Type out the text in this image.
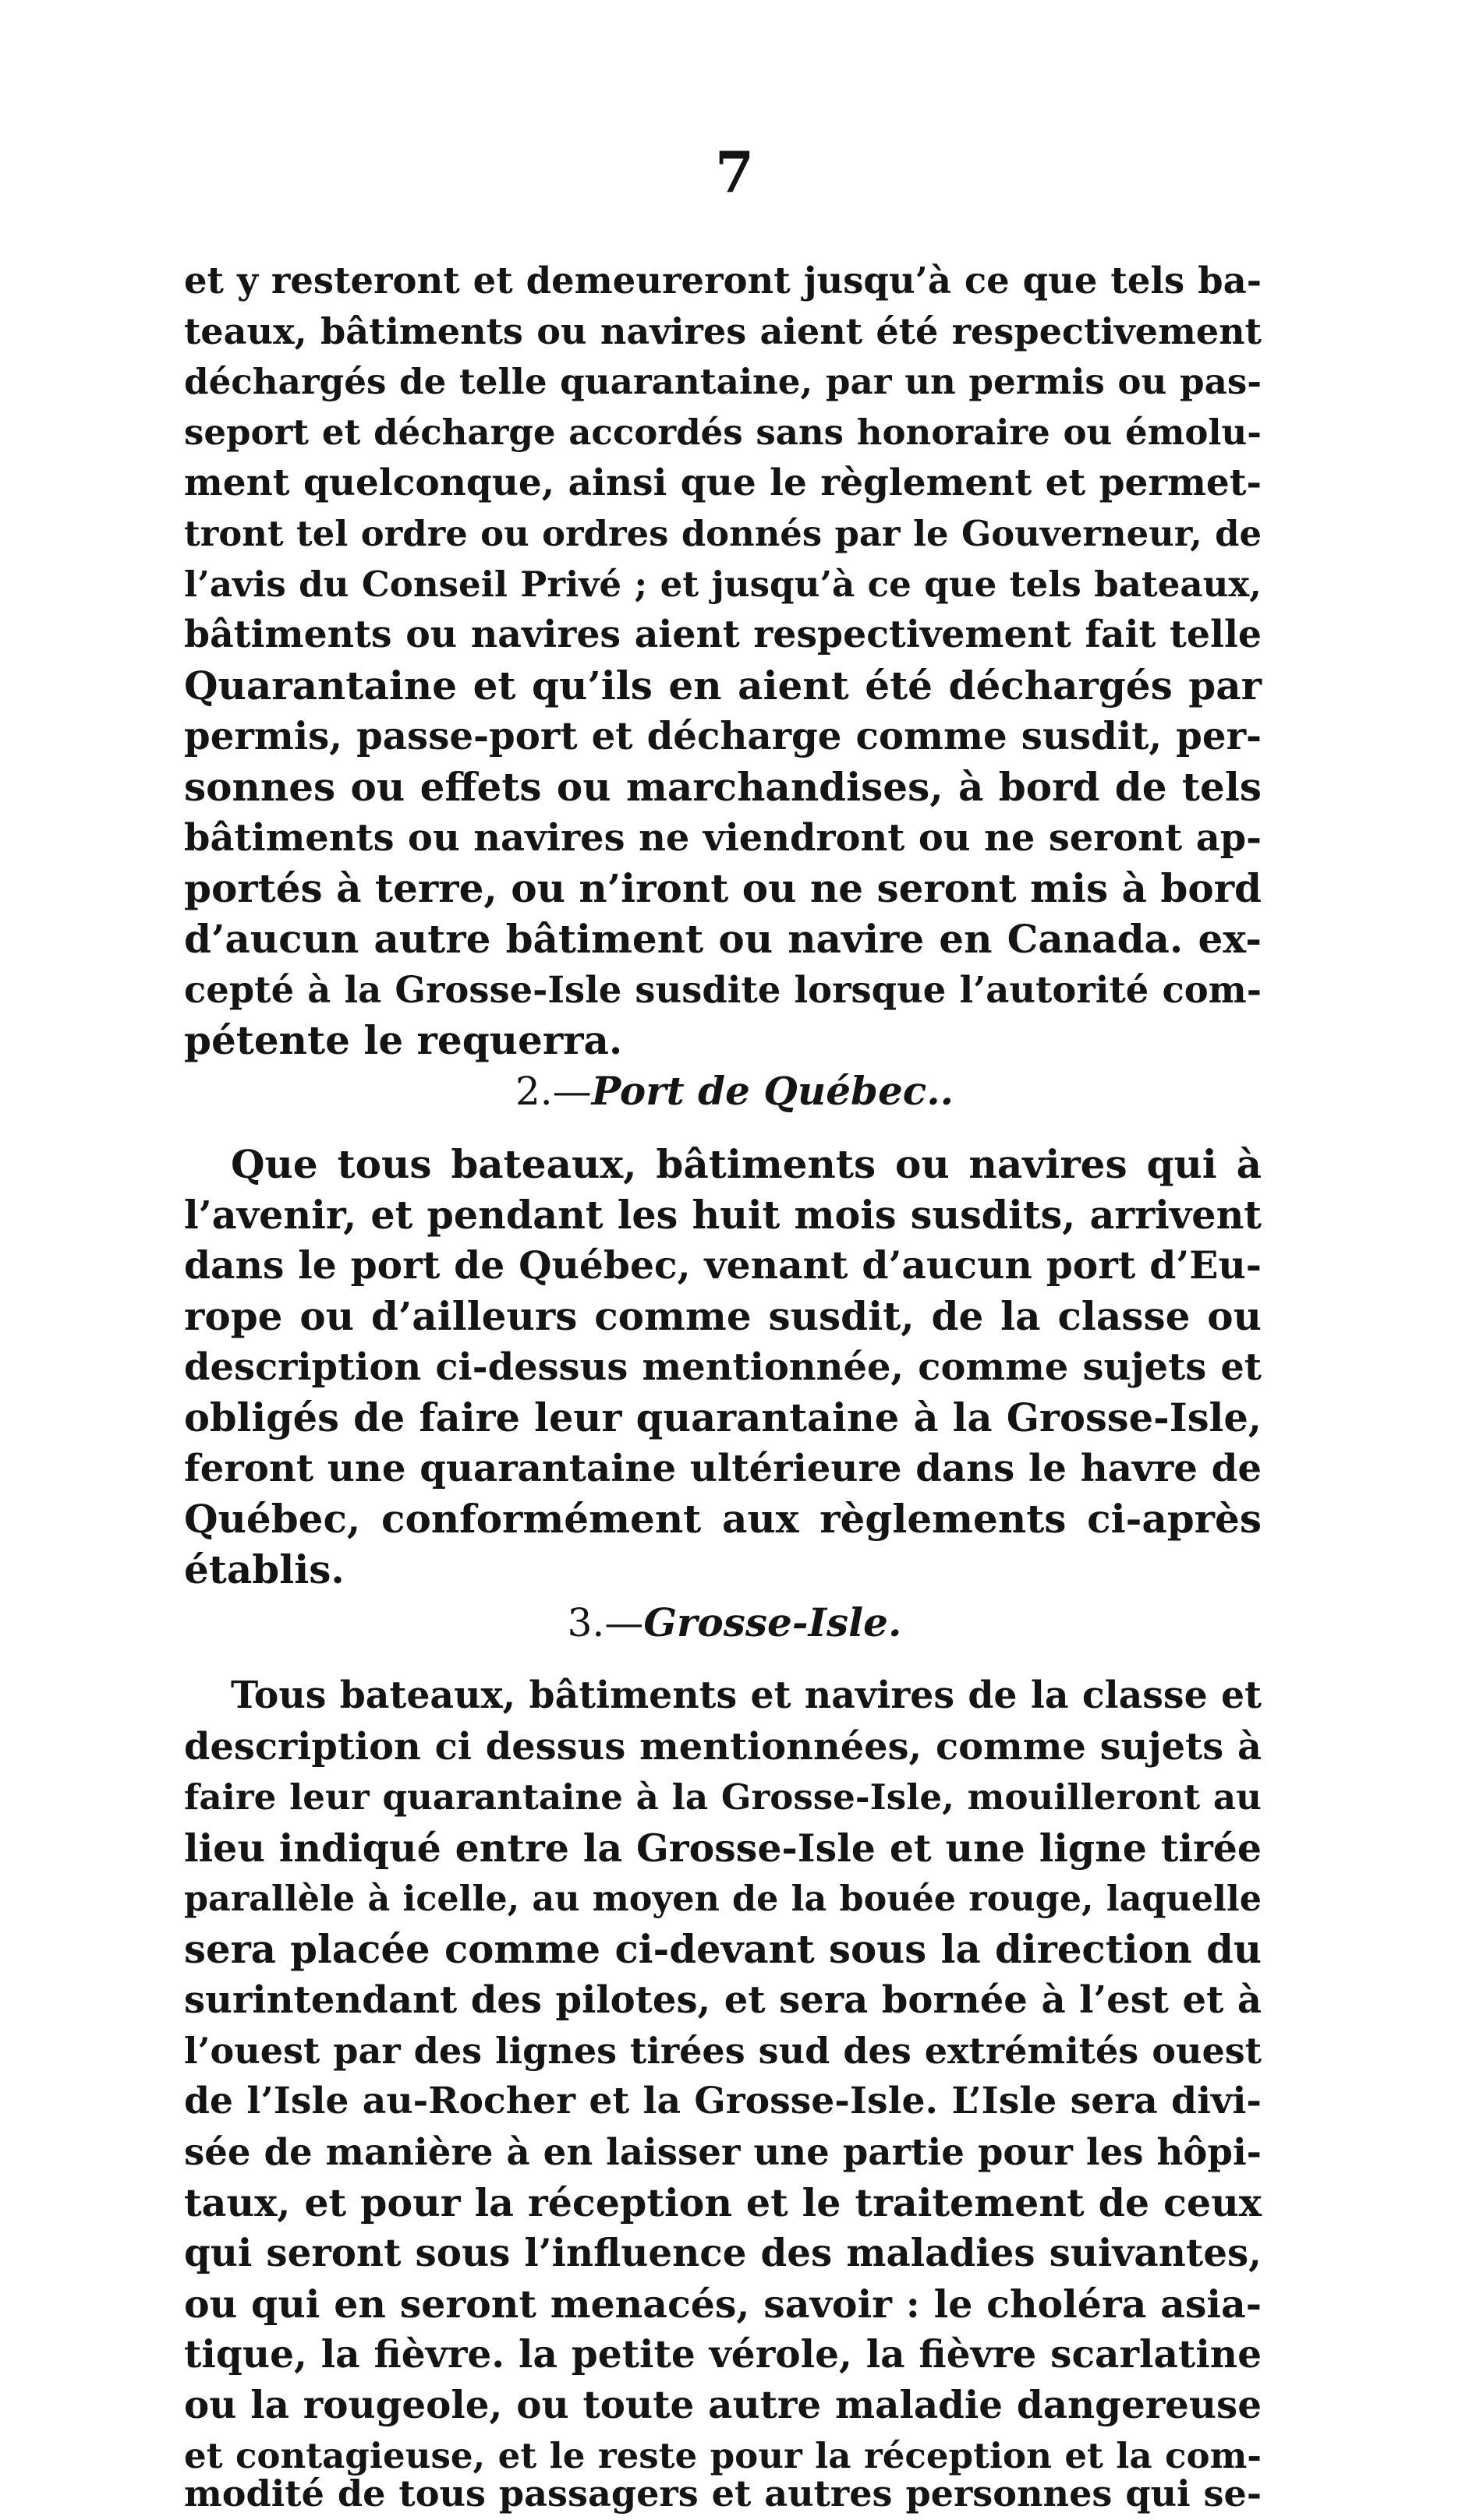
7
et y resteront et demeureront jusqu’à ce que tels ba-
teaux, bâtiments ou navires aient été respectivement
déchargés de telle quarantaine, par un permis ou pas-
seport et décharge accordés sans honoraire ou émolu-
ment quelconque, ainsi que le règlement et permet-
tront tel ordre ou ordres donnés par le Gouverneur, de
l’avis du Conseil Privé ; et jusqu’à ce que tels bateaux,
bâtiments ou navires aient respectivement fait telle
Quarantaine et qu’ils en aient été déchargés par
permis, passe-port et décharge comme susdit, per-
sonnes ou effets ou marchandises, à bord de tels
bâtiments ou navires ne viendront ou ne seront ap-
portés à terre, ou n’iront ou ne seront mis à bord
d’aucun autre bâtiment ou navire en Canada. ex-
cepté à la Grosse-Isle susdite lorsque l’autorité com-
pétente le requerra.
2.—Port de Québec..
Que tous bateaux, bâtiments ou navires qui à
l’avenir, et pendant les huit mois susdits, arrivent
dans le port de Québec, venant d’aucun port d’Eu-
rope ou d’ailleurs comme susdit, de la classe ou
description ci-dessus mentionnée, comme sujets et
obligés de faire leur quarantaine à la Grosse-Isle,
feront une quarantaine ultérieure dans le havre de
Québec, conformément aux règlements ci-après
établis.
3.—Grosse-Isle.
Tous bateaux, bâtiments et navires de la classe et
description ci dessus mentionnées, comme sujets à
faire leur quarantaine à la Grosse-Isle, mouilleront au
lieu indiqué entre la Grosse-Isle et une ligne tirée
parallèle à icelle, au moyen de la bouée rouge, laquelle
sera placée comme ci-devant sous la direction du
surintendant des pilotes, et sera bornée à l’est et à
l’ouest par des lignes tirées sud des extrémités ouest
de l’Isle au-Rocher et la Grosse-Isle. L’Isle sera divi-
sée de manière à en laisser une partie pour les hôpi-
taux, et pour la réception et le traitement de ceux
qui seront sous l’influence des maladies suivantes,
ou qui en seront menacés, savoir : le choléra asia-
tique, la fièvre. la petite vérole, la fièvre scarlatine
ou la rougeole, ou toute autre maladie dangereuse
et contagieuse, et le reste pour la réception et la com-
modité de tous passagers et autres personnes qui se-
